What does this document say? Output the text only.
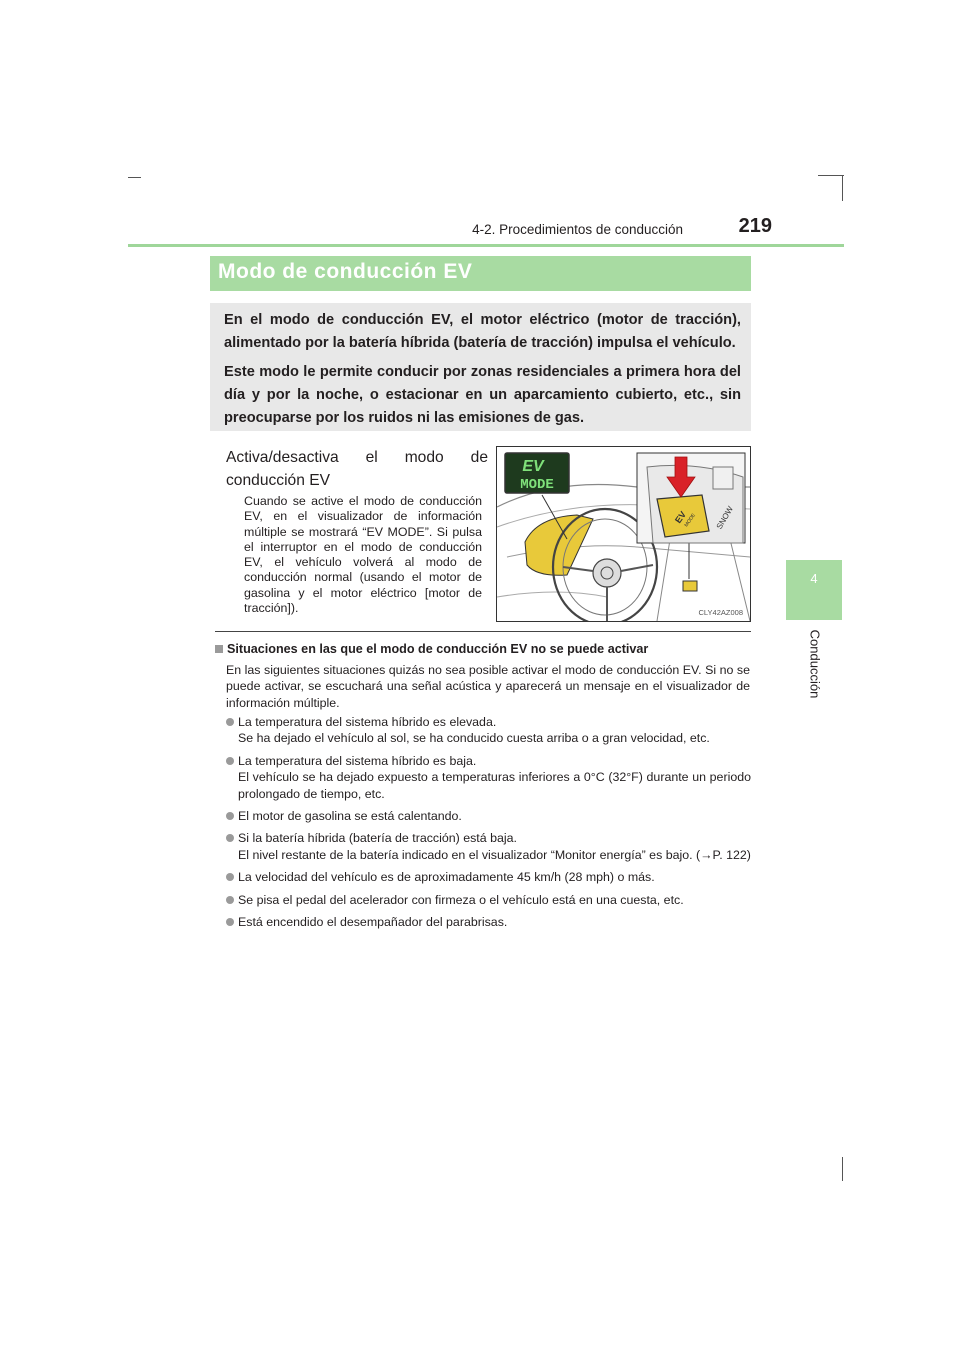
4-2. Procedimientos de conducción	219
4
Conducción
Modo de conducción EV

En el modo de conducción EV, el motor eléctrico (motor de tracción), alimentado por la batería híbrida (batería de tracción) impulsa el vehículo.

Este modo le permite conducir por zonas residenciales a primera hora del día y por la noche, o estacionar en un aparcamiento cubierto, etc., sin preocuparse por los ruidos ni las emisiones de gas.

Activa/desactiva el modo de conducción EV
Cuando se active el modo de conducción EV, en el visualizador de información múltiple se mostrará “EV MODE”. Si pulsa el interruptor en el modo de conducción EV, el vehículo volverá al modo de conducción normal (usando el motor de gasolina y el motor eléctrico [motor de tracción]).
EV
MODE
EV
MODE SNOW
CLY42AZ008
Situaciones en las que el modo de conducción EV no se puede activar

En las siguientes situaciones quizás no sea posible activar el modo de conducción EV. Si no se puede activar, se escuchará una señal acústica y aparecerá un mensaje en el visualizador de información múltiple.

La temperatura del sistema híbrido es elevada.
Se ha dejado el vehículo al sol, se ha conducido cuesta arriba o a gran velocidad, etc.
La temperatura del sistema híbrido es baja.
El vehículo se ha dejado expuesto a temperaturas inferiores a 0°C (32°F) durante un periodo prolongado de tiempo, etc.
El motor de gasolina se está calentando.
Si la batería híbrida (batería de tracción) está baja.
El nivel restante de la batería indicado en el visualizador “Monitor energía” es bajo. (→P. 122)
La velocidad del vehículo es de aproximadamente 45 km/h (28 mph) o más.
Se pisa el pedal del acelerador con firmeza o el vehículo está en una cuesta, etc.
Está encendido el desempañador del parabrisas.
